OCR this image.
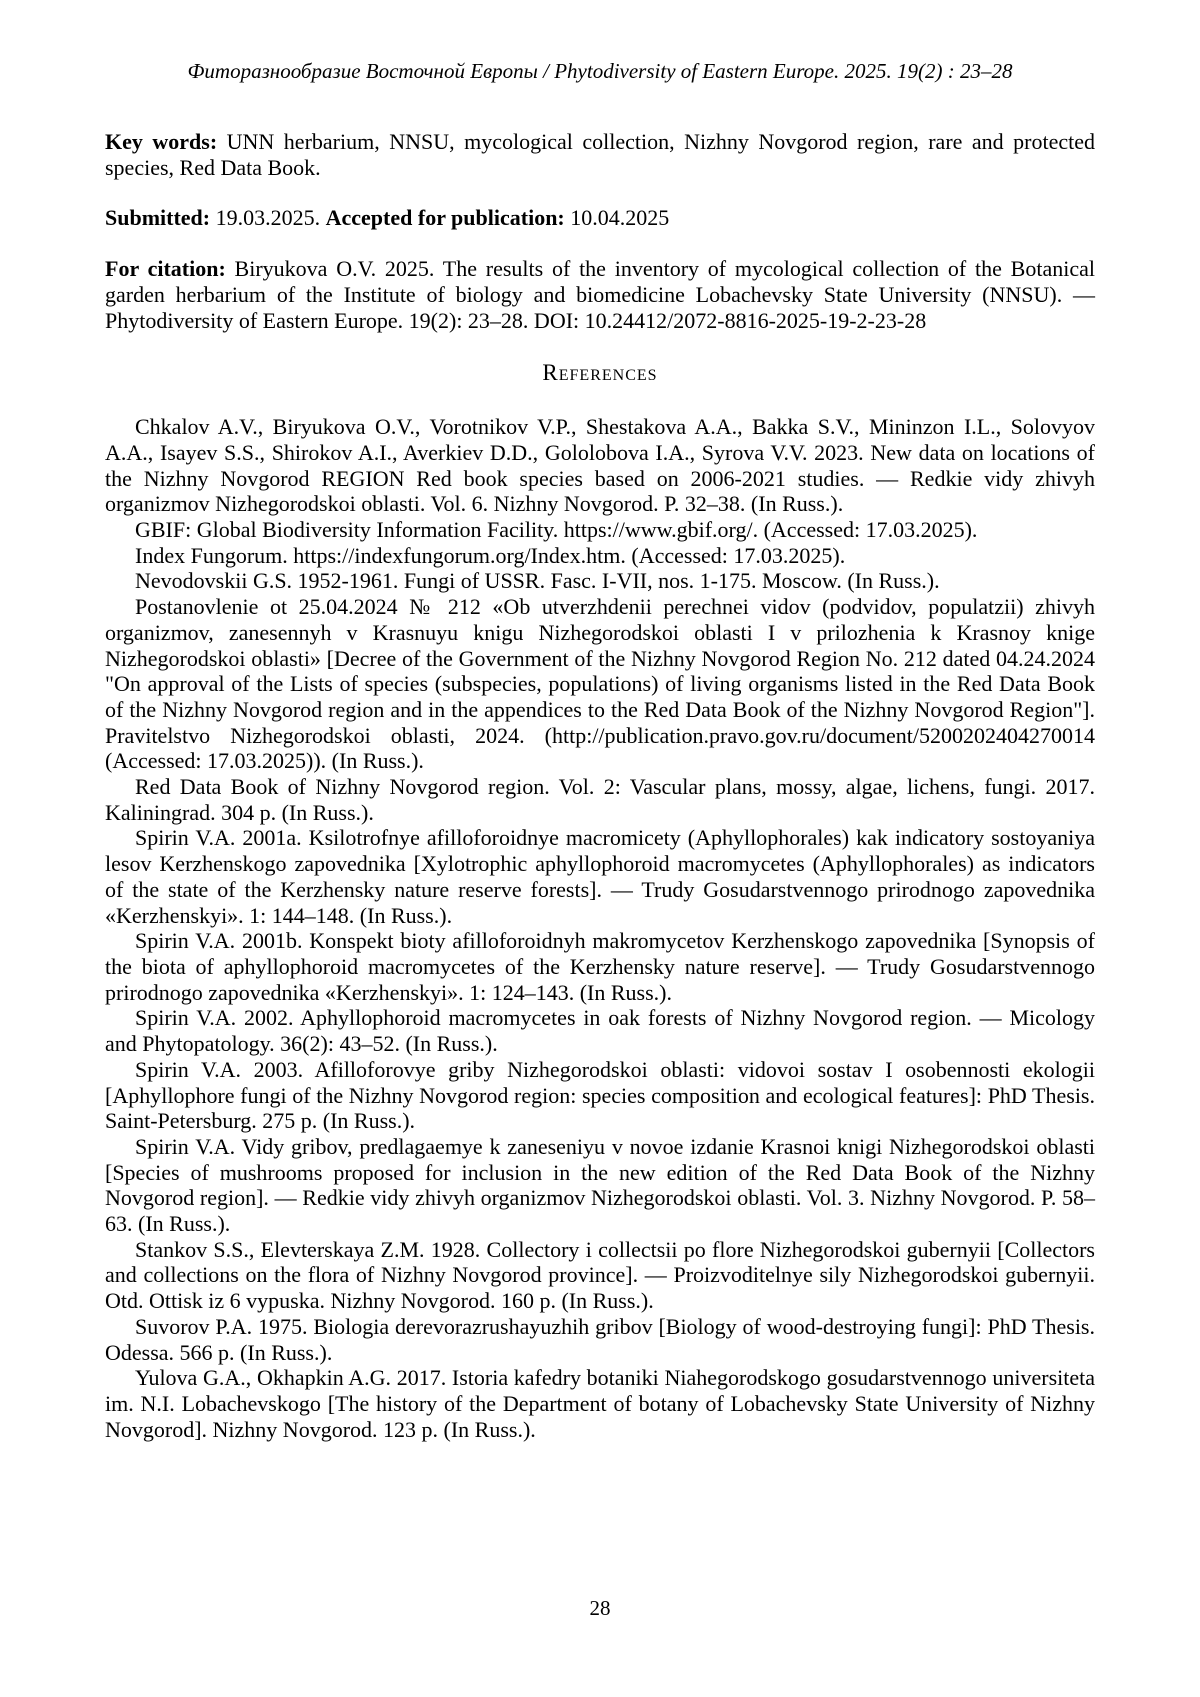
Фиторазнообразие Восточной Европы / Phytodiversity of Eastern Europe. 2025. 19(2) : 23–28

Key words: UNN herbarium, NNSU, mycological collection, Nizhny Novgorod region, rare and protected species, Red Data Book.

Submitted: 19.03.2025. Accepted for publication: 10.04.2025

For citation: Biryukova O.V. 2025. The results of the inventory of mycological collection of the Botanical garden herbarium of the Institute of biology and biomedicine Lobachevsky State University (NNSU). — Phytodiversity of Eastern Europe. 19(2): 23–28. DOI: 10.24412/2072-8816-2025-19-2-23-28

References

Chkalov A.V., Biryukova O.V., Vorotnikov V.P., Shestakova A.A., Bakka S.V., Mininzon I.L., Solovyov A.A., Isayev S.S., Shirokov A.I., Averkiev D.D., Gololobova I.A., Syrova V.V. 2023. New data on locations of the Nizhny Novgorod REGION Red book species based on 2006-2021 studies. — Redkie vidy zhivyh organizmov Nizhegorodskoi oblasti. Vol. 6. Nizhny Novgorod. P. 32–38. (In Russ.).

GBIF: Global Biodiversity Information Facility. https://www.gbif.org/. (Accessed: 17.03.2025).

Index Fungorum. https://indexfungorum.org/Index.htm. (Accessed: 17.03.2025).

Nevodovskii G.S. 1952-1961. Fungi of USSR. Fasc. I-VII, nos. 1-175. Moscow. (In Russ.).

Postanovlenie ot 25.04.2024 № 212 «Ob utverzhdenii perechnei vidov (podvidov, populatzii) zhivyh organizmov, zanesennyh v Krasnuyu knigu Nizhegorodskoi oblasti I v prilozhenia k Krasnoy knige Nizhegorodskoi oblasti» [Decree of the Government of the Nizhny Novgorod Region No. 212 dated 04.24.2024 "On approval of the Lists of species (subspecies, populations) of living organisms listed in the Red Data Book of the Nizhny Novgorod region and in the appendices to the Red Data Book of the Nizhny Novgorod Region"]. Pravitelstvo Nizhegorodskoi oblasti, 2024. (http://publication.pravo.gov.ru/document/5200202404270014 (Accessed: 17.03.2025)). (In Russ.).

Red Data Book of Nizhny Novgorod region. Vol. 2: Vascular plans, mossy, algae, lichens, fungi. 2017. Kaliningrad. 304 p. (In Russ.).

Spirin V.A. 2001a. Ksilotrofnye afilloforoidnye macromicety (Aphyllophorales) kak indicatory sostoyaniya lesov Kerzhenskogo zapovednika [Xylotrophic aphyllophoroid macromycetes (Aphyllophorales) as indicators of the state of the Kerzhensky nature reserve forests]. — Trudy Gosudarstvennogo prirodnogo zapovednika «Kerzhenskyi». 1: 144–148. (In Russ.).

Spirin V.A. 2001b. Konspekt bioty afilloforoidnyh makromycetov Kerzhenskogo zapovednika [Synopsis of the biota of aphyllophoroid macromycetes of the Kerzhensky nature reserve]. — Trudy Gosudarstvennogo prirodnogo zapovednika «Kerzhenskyi». 1: 124–143. (In Russ.).

Spirin V.A. 2002. Aphyllophoroid macromycetes in oak forests of Nizhny Novgorod region. — Micology and Phytopatology. 36(2): 43–52. (In Russ.).

Spirin V.A. 2003. Afilloforovye griby Nizhegorodskoi oblasti: vidovoi sostav I osobennosti ekologii [Aphyllophore fungi of the Nizhny Novgorod region: species composition and ecological features]: PhD Thesis. Saint-Petersburg. 275 p. (In Russ.).

Spirin V.A. Vidy gribov, predlagaemye k zaneseniyu v novoe izdanie Krasnoi knigi Nizhegorodskoi oblasti [Species of mushrooms proposed for inclusion in the new edition of the Red Data Book of the Nizhny Novgorod region]. — Redkie vidy zhivyh organizmov Nizhegorodskoi oblasti. Vol. 3. Nizhny Novgorod. P. 58–63. (In Russ.).

Stankov S.S., Elevterskaya Z.M. 1928. Collectory i collectsii po flore Nizhegorodskoi gubernyii [Collectors and collections on the flora of Nizhny Novgorod province]. — Proizvoditelnye sily Nizhegorodskoi gubernyii. Otd. Ottisk iz 6 vypuska. Nizhny Novgorod. 160 p. (In Russ.).

Suvorov P.A. 1975. Biologia derevorazrushayuzhih gribov [Biology of wood-destroying fungi]: PhD Thesis. Odessa. 566 p. (In Russ.).

Yulova G.A., Okhapkin A.G. 2017. Istoria kafedry botaniki Niahegorodskogo gosudarstvennogo universiteta im. N.I. Lobachevskogo [The history of the Department of botany of Lobachevsky State University of Nizhny Novgorod]. Nizhny Novgorod. 123 p. (In Russ.).

28
